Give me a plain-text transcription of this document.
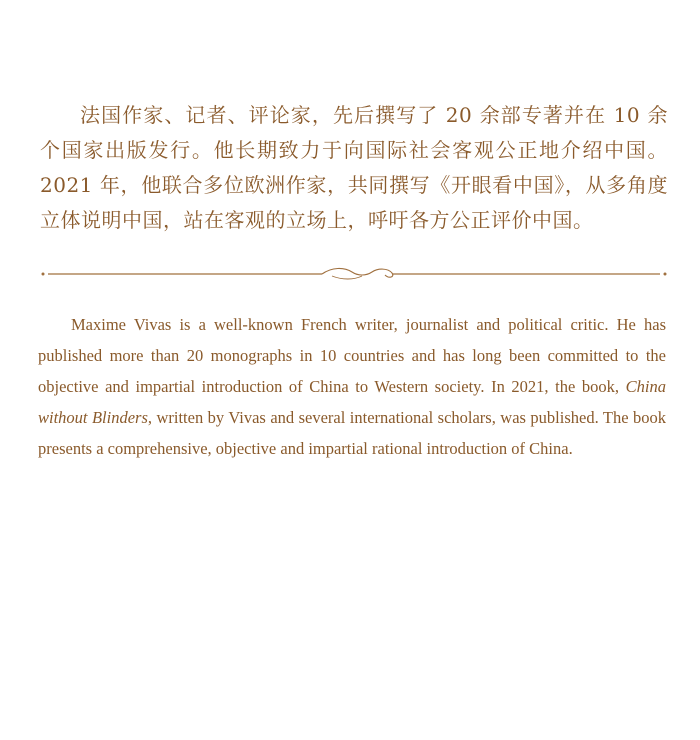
法国作家、记者、评论家，先后撰写了 20 余部专著并在 10 余个国家出版发行。他长期致力于向国际社会客观公正地介绍中国。2021 年，他联合多位欧洲作家，共同撰写《开眼看中国》，从多角度立体说明中国，站在客观的立场上，呼吁各方公正评价中国。

Maxime Vivas is a well-known French writer, journalist and political critic. He has published more than 20 monographs in 10 countries and has long been committed to the objective and impartial introduction of China to Western society. In 2021, the book, China without Blinders, written by Vivas and several international scholars, was published. The book presents a comprehensive, objective and impartial rational introduction of China.
